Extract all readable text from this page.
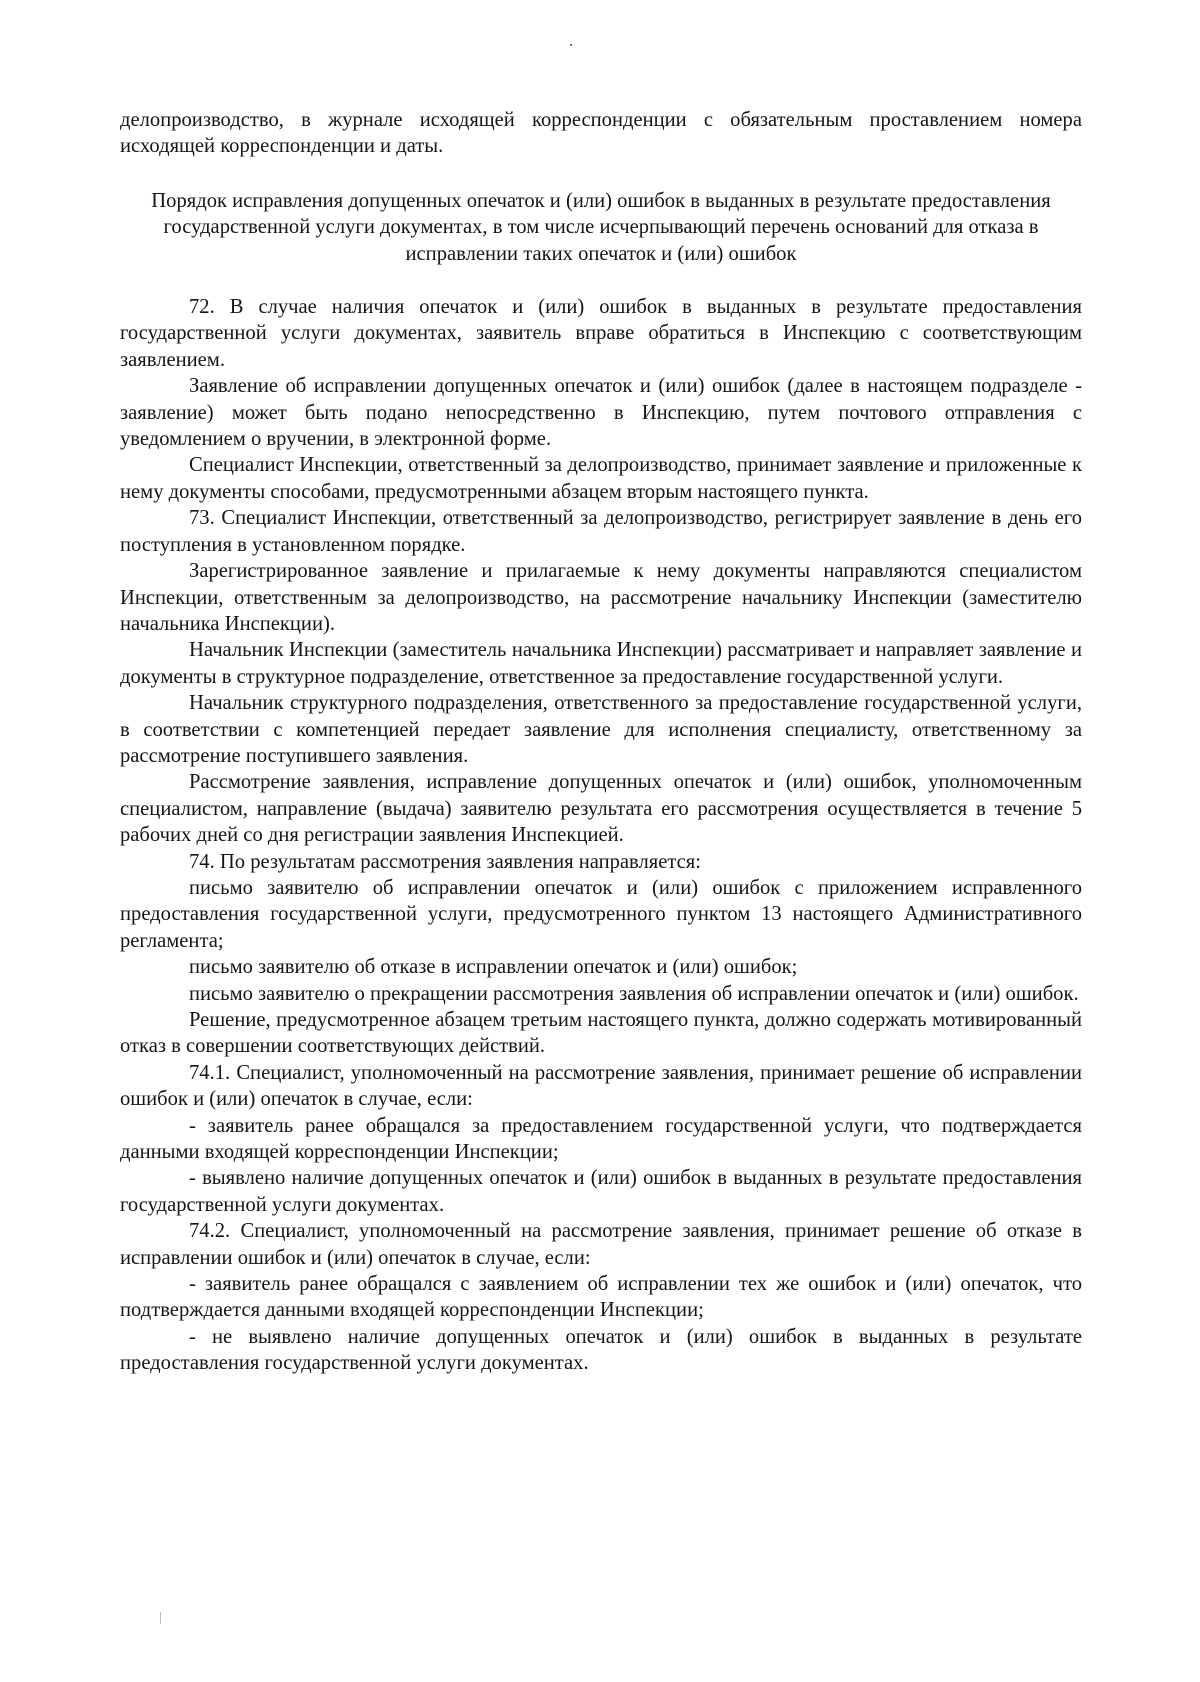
делопроизводство, в журнале исходящей корреспонденции с обязательным проставлением номера исходящей корреспонденции и даты.

Порядок исправления допущенных опечаток и (или) ошибок в выданных в результате предоставления государственной услуги документах, в том числе исчерпывающий перечень оснований для отказа в исправлении таких опечаток и (или) ошибок

72. В случае наличия опечаток и (или) ошибок в выданных в результате предоставления государственной услуги документах, заявитель вправе обратиться в Инспекцию с соответствующим заявлением.

Заявление об исправлении допущенных опечаток и (или) ошибок (далее в настоящем подразделе - заявление) может быть подано непосредственно в Инспекцию, путем почтового отправления с уведомлением о вручении, в электронной форме.

Специалист Инспекции, ответственный за делопроизводство, принимает заявление и приложенные к нему документы способами, предусмотренными абзацем вторым настоящего пункта.

73. Специалист Инспекции, ответственный за делопроизводство, регистрирует заявление в день его поступления в установленном порядке.

Зарегистрированное заявление и прилагаемые к нему документы направляются специалистом Инспекции, ответственным за делопроизводство, на рассмотрение начальнику Инспекции (заместителю начальника Инспекции).

Начальник Инспекции (заместитель начальника Инспекции) рассматривает и направляет заявление и документы в структурное подразделение, ответственное за предоставление государственной услуги.

Начальник структурного подразделения, ответственного за предоставление государственной услуги, в соответствии с компетенцией передает заявление для исполнения специалисту, ответственному за рассмотрение поступившего заявления.

Рассмотрение заявления, исправление допущенных опечаток и (или) ошибок, уполномоченным специалистом, направление (выдача) заявителю результата его рассмотрения осуществляется в течение 5 рабочих дней со дня регистрации заявления Инспекцией.

74. По результатам рассмотрения заявления направляется:

письмо заявителю об исправлении опечаток и (или) ошибок с приложением исправленного предоставления государственной услуги, предусмотренного пунктом 13 настоящего Административного регламента;

письмо заявителю об отказе в исправлении опечаток и (или) ошибок;

письмо заявителю о прекращении рассмотрения заявления об исправлении опечаток и (или) ошибок.

Решение, предусмотренное абзацем третьим настоящего пункта, должно содержать мотивированный отказ в совершении соответствующих действий.

74.1. Специалист, уполномоченный на рассмотрение заявления, принимает решение об исправлении ошибок и (или) опечаток в случае, если:

- заявитель ранее обращался за предоставлением государственной услуги, что подтверждается данными входящей корреспонденции Инспекции;

- выявлено наличие допущенных опечаток и (или) ошибок в выданных в результате предоставления государственной услуги документах.

74.2. Специалист, уполномоченный на рассмотрение заявления, принимает решение об отказе в исправлении ошибок и (или) опечаток в случае, если:

- заявитель ранее обращался с заявлением об исправлении тех же ошибок и (или) опечаток, что подтверждается данными входящей корреспонденции Инспекции;

- не выявлено наличие допущенных опечаток и (или) ошибок в выданных в результате предоставления государственной услуги документах.
